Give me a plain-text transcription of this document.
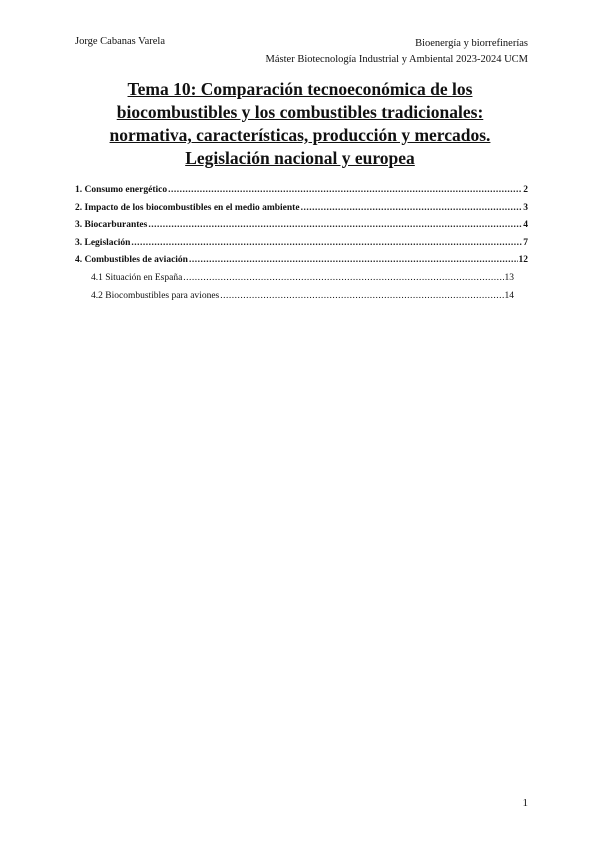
Jorge Cabanas Varela	Bioenergía y biorrefinerías
Máster Biotecnología Industrial y Ambiental 2023-2024 UCM
Tema 10: Comparación tecnoeconómica de los biocombustibles y los combustibles tradicionales: normativa, características, producción y mercados. Legislación nacional y europea
1. Consumo energético .....	2
2. Impacto de los biocombustibles en el medio ambiente .....	3
3. Biocarburantes .....	4
3. Legislación .....	7
4. Combustibles de aviación .....	12
4.1 Situación en España .....	13
4.2 Biocombustibles para aviones .....	14
1
